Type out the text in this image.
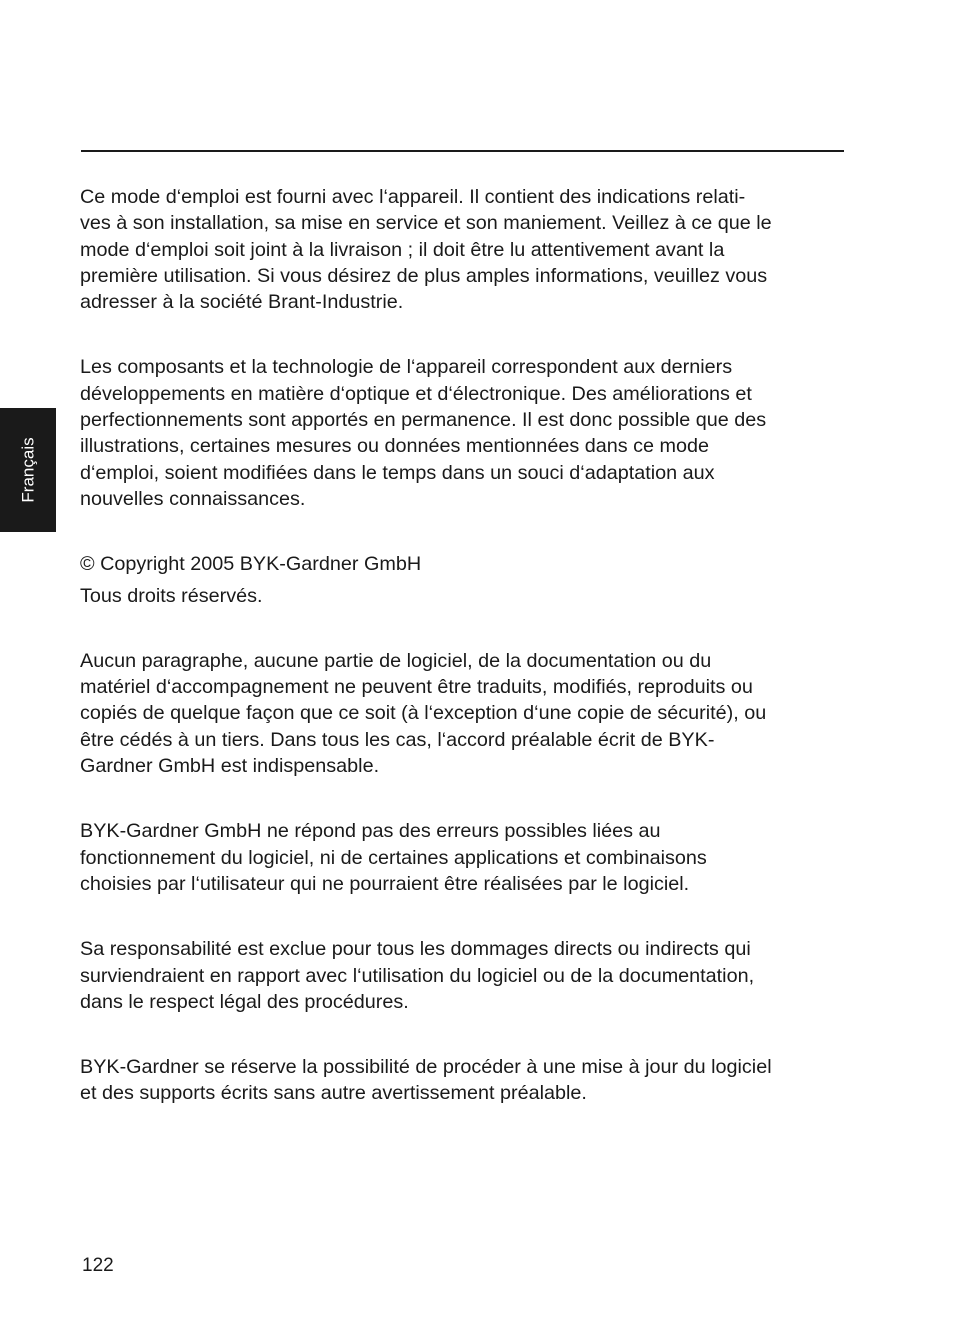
Français

Ce mode d‘emploi est fourni avec l‘appareil. Il contient des indications relati-
ves à son installation, sa mise en service et son maniement. Veillez à ce que le
mode d‘emploi soit joint à la livraison ; il doit être lu attentivement avant la
première utilisation. Si vous désirez de plus amples informations, veuillez vous
adresser à la société Brant-Industrie.

Les composants et la technologie de l‘appareil correspondent aux derniers
développements en matière d‘optique et d‘électronique. Des améliorations et
perfectionnements sont apportés en permanence. Il est donc possible que des
illustrations, certaines mesures ou données mentionnées dans ce mode
d‘emploi, soient modifiées dans le temps dans un souci d‘adaptation aux
nouvelles connaissances.

© Copyright 2005 BYK-Gardner GmbH

Tous droits réservés.

Aucun paragraphe, aucune partie de logiciel, de la documentation ou du
matériel d‘accompagnement ne peuvent être traduits, modifiés, reproduits ou
copiés de quelque façon que ce soit (à l‘exception d‘une copie de sécurité), ou
être cédés à un tiers. Dans tous les cas, l‘accord préalable écrit de BYK-
Gardner GmbH est indispensable.

BYK-Gardner GmbH ne répond pas des erreurs possibles liées au
fonctionnement du logiciel, ni de certaines applications et combinaisons
choisies par l‘utilisateur qui ne pourraient être réalisées par le logiciel.

Sa responsabilité est exclue pour tous les dommages directs ou indirects qui
surviendraient en rapport avec l‘utilisation du logiciel ou de la documentation,
dans le respect légal des procédures.

BYK-Gardner se réserve la possibilité de procéder à une mise à jour du logiciel
et des supports écrits sans autre avertissement préalable.

122
